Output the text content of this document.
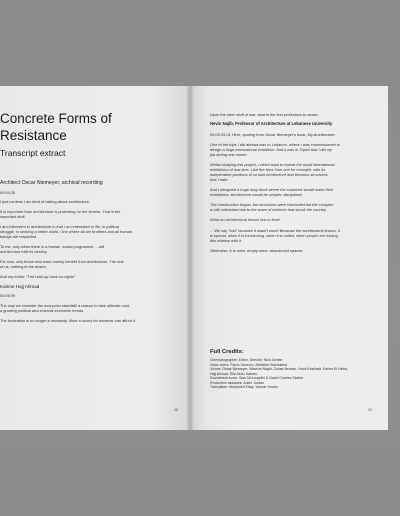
Concrete Forms of
Resistance
Transcript extract

Architect Oscar Niemeyer, archival recording

00:04:25

I just confess I am tired of talking about architecture.

It is important than architecture is protesting on the streets. That is the

important stuff.

I am interested in architecture in that I am interested in life, in political

struggle, in seeking a better world. One where all are brothers and all human

beings are respected.

To me, only when there is a human, social programme ... will

architecture fulfil its destiny.

For now, only those who have money benefit from architecture. The rest

of us, nothing in the desire.

And my motto: "The hold-up have no rights"

Karime Hajj Ahmad

00:05:09

The way we consider the economic standstill a reason to take ultimate cost,

a growing political and external economic trends.

The frustration is no longer a necessity. More a luxury for whoever can afford it.

28

Upon the stern stuff of war, start is the first profession to cease.

Nevin Najib, Professor of Architecture at Lebanese University

00:09:33-01 Here, quoting from Oscar Niemeyer's book, My Architecture:

One of the trips I did abroad was to Lebanon, where I was commissioned to

design a huge international exhibition. And it was in Tripoli that I did my

job during one month.

Whilst studying this project, I didn't want to repeat the usual international

exhibitions of that time. Like the New York one for example, with its

independent pavilions of so bad architecture and frivolous structures,

that I hate.

And I designed a huge long block where the countries would make their

exhibitions. Architecture would be simpler, disciplined.

The construction began, the structures were concluded but the complex

is still unfinished due to the wave of violence that shook the country.

What an architectural lesson lost to time!

... We say "lost" because it wasn't used! Because the architectural lesson, it

is spread, when it is functioning, when it is united, when people are having

this relation with it.

Otherwise, it is ruins, empty ruins, abandoned spaces.

Full Credits:

Cinematographer, Editor, Director: Nick Jordan

Voice-overs: Parno Varonoo, Abdallah Hamdabed

Voices: Oscar Niemeyer, Wassim Naghi, Zuhair Bedran, Yusuf Kheihadi, Karine El Helou,

Hajj Ahmad, Elie Abou Saleem

Soundtrack score: Sian McLaughlin & David Charles Skelter

Production assistant: Adele Jordan

Translation: Mohamed Eltay, Yasmin Younis

29
